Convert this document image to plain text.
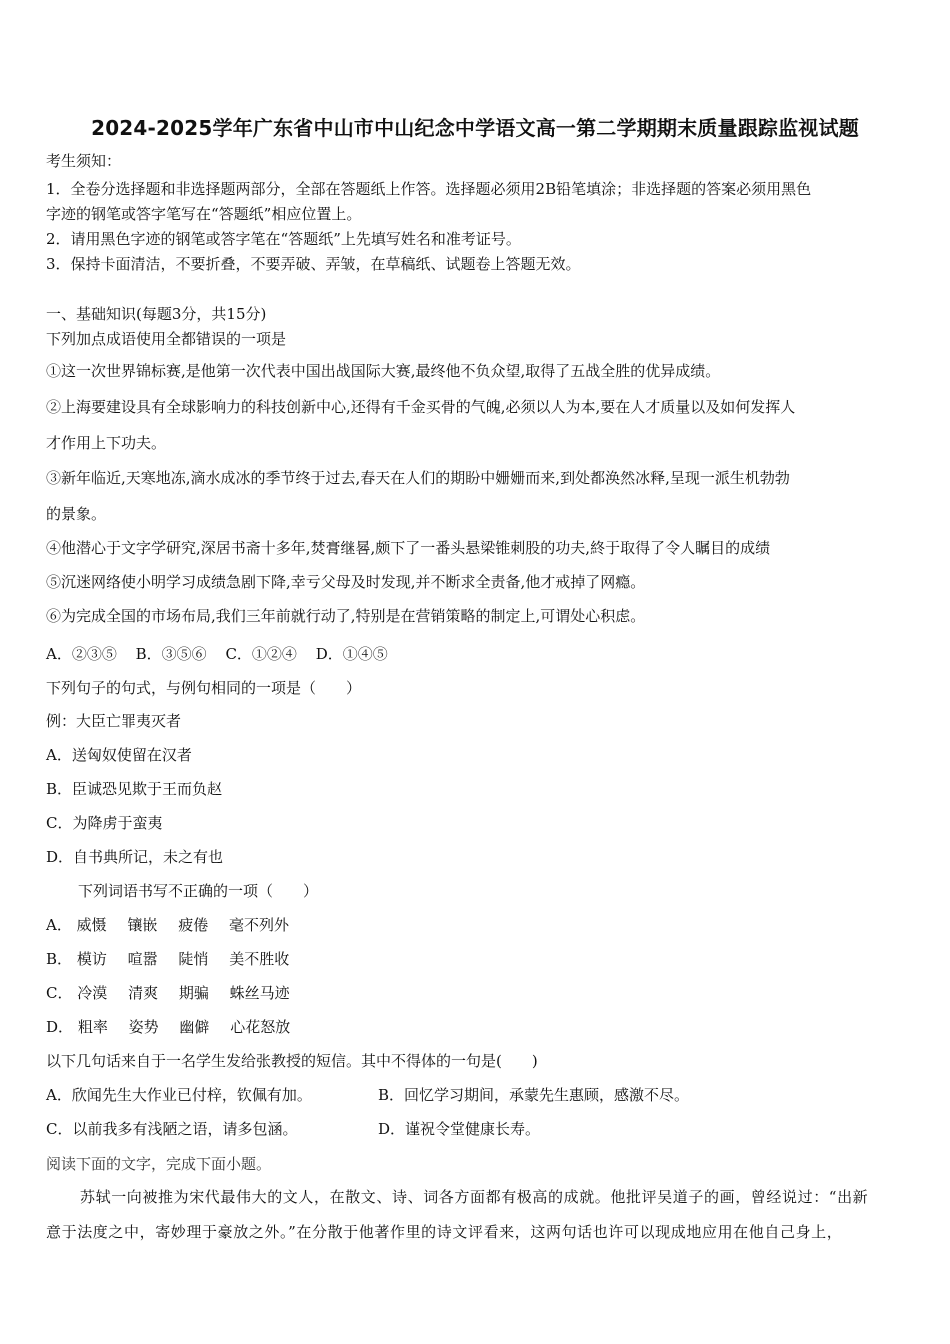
2024-2025学年广东省中山市中山纪念中学语文高一第二学期期末质量跟踪监视试题
考生须知：
1．全卷分选择题和非选择题两部分，全部在答题纸上作答。选择题必须用2B铅笔填涂；非选择题的答案必须用黑色
字迹的钢笔或答字笔写在“答题纸”相应位置上。
2．请用黑色字迹的钢笔或答字笔在“答题纸”上先填写姓名和准考证号。
3．保持卡面清洁，不要折叠，不要弄破、弄皱，在草稿纸、试题卷上答题无效。
一、基础知识(每题3分，共15分)
下列加点成语使用全都错误的一项是
①这一次世界锦标赛,是他第一次代表中国出战国际大赛,最终他不负众望,取得了五战全胜的优异成绩。
②上海要建设具有全球影响力的科技创新中心,还得有千金买骨的气魄,必须以人为本,要在人才质量以及如何发挥人
才作用上下功夫。
③新年临近,天寒地冻,滴水成冰的季节终于过去,春天在人们的期盼中姗姗而来,到处都涣然冰释,呈现一派生机勃勃
的景象。
④他潜心于文字学研究,深居书斋十多年,焚膏继晷,颇下了一番头悬梁锥刺股的功夫,終于取得了令人瞩目的成绩
⑤沉迷网络使小明学习成绩急剧下降,幸亏父母及时发现,并不断求全责备,他才戒掉了网瘾。
⑥为完成全国的市场布局,我们三年前就行动了,特别是在营销策略的制定上,可谓处心积虑。
A．②③⑤ B．③⑤⑥ C．①②④ D．①④⑤
下列句子的句式，与例句相同的一项是（　　）
例：大臣亡罪夷灭者
A．送匈奴使留在汉者
B．臣诚恐见欺于王而负赵
C．为降虏于蛮夷
D．自书典所记，未之有也
下列词语书写不正确的一项（　　）
A． 威慑 镶嵌 疲倦 毫不列外
B． 模访 喧嚣 陡悄 美不胜收
C． 冷漠 清爽 期骗 蛛丝马迹
D． 粗率 姿势 幽僻 心花怒放
以下几句话来自于一名学生发给张教授的短信。其中不得体的一句是(　　)
A．欣闻先生大作业已付梓，钦佩有加。	B．回忆学习期间，承蒙先生惠顾，感激不尽。
C．以前我多有浅陋之语，请多包涵。	D．谨祝令堂健康长寿。
阅读下面的文字，完成下面小题。
苏轼一向被推为宋代最伟大的文人，在散文、诗、词各方面都有极高的成就。他批评吴道子的画，曾经说过：“出新
意于法度之中，寄妙理于豪放之外。”在分散于他著作里的诗文评看来，这两句话也许可以现成地应用在他自己身上，
